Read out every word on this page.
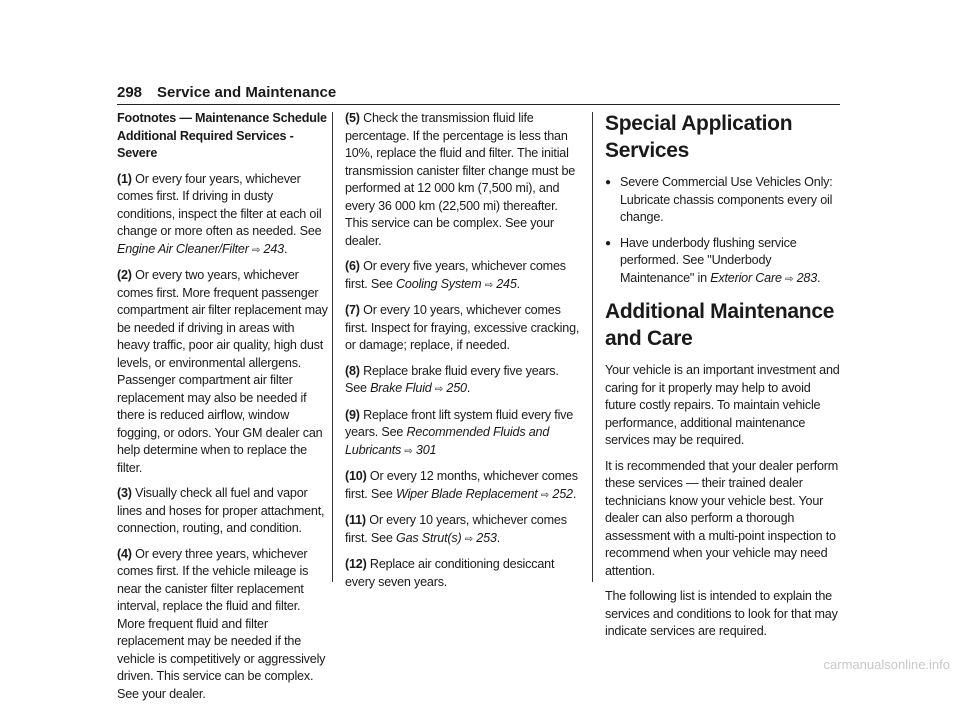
298 Service and Maintenance

Footnotes — Maintenance Schedule Additional Required Services - Severe

(1) Or every four years, whichever comes first. If driving in dusty conditions, inspect the filter at each oil change or more often as needed. See Engine Air Cleaner/Filter ⇨ 243.

(2) Or every two years, whichever comes first. More frequent passenger compartment air filter replacement may be needed if driving in areas with heavy traffic, poor air quality, high dust levels, or environmental allergens. Passenger compartment air filter replacement may also be needed if there is reduced airflow, window fogging, or odors. Your GM dealer can help determine when to replace the filter.

(3) Visually check all fuel and vapor lines and hoses for proper attachment, connection, routing, and condition.

(4) Or every three years, whichever comes first. If the vehicle mileage is near the canister filter replacement interval, replace the fluid and filter. More frequent fluid and filter replacement may be needed if the vehicle is competitively or aggressively driven. This service can be complex. See your dealer.

(5) Check the transmission fluid life percentage. If the percentage is less than 10%, replace the fluid and filter. The initial transmission canister filter change must be performed at 12 000 km (7,500 mi), and every 36 000 km (22,500 mi) thereafter. This service can be complex. See your dealer.

(6) Or every five years, whichever comes first. See Cooling System ⇨ 245.

(7) Or every 10 years, whichever comes first. Inspect for fraying, excessive cracking, or damage; replace, if needed.

(8) Replace brake fluid every five years. See Brake Fluid ⇨ 250.

(9) Replace front lift system fluid every five years. See Recommended Fluids and Lubricants ⇨ 301

(10) Or every 12 months, whichever comes first. See Wiper Blade Replacement ⇨ 252.

(11) Or every 10 years, whichever comes first. See Gas Strut(s) ⇨ 253.

(12) Replace air conditioning desiccant every seven years.

Special Application Services
● Severe Commercial Use Vehicles Only: Lubricate chassis components every oil change.
● Have underbody flushing service performed. See "Underbody Maintenance" in Exterior Care ⇨ 283.
Additional Maintenance
and Care

Your vehicle is an important investment and caring for it properly may help to avoid future costly repairs. To maintain vehicle performance, additional maintenance services may be required.

It is recommended that your dealer perform these services — their trained dealer technicians know your vehicle best. Your dealer can also perform a thorough assessment with a multi-point inspection to recommend when your vehicle may need attention.

The following list is intended to explain the services and conditions to look for that may indicate services are required.

carmanualsonline.info
